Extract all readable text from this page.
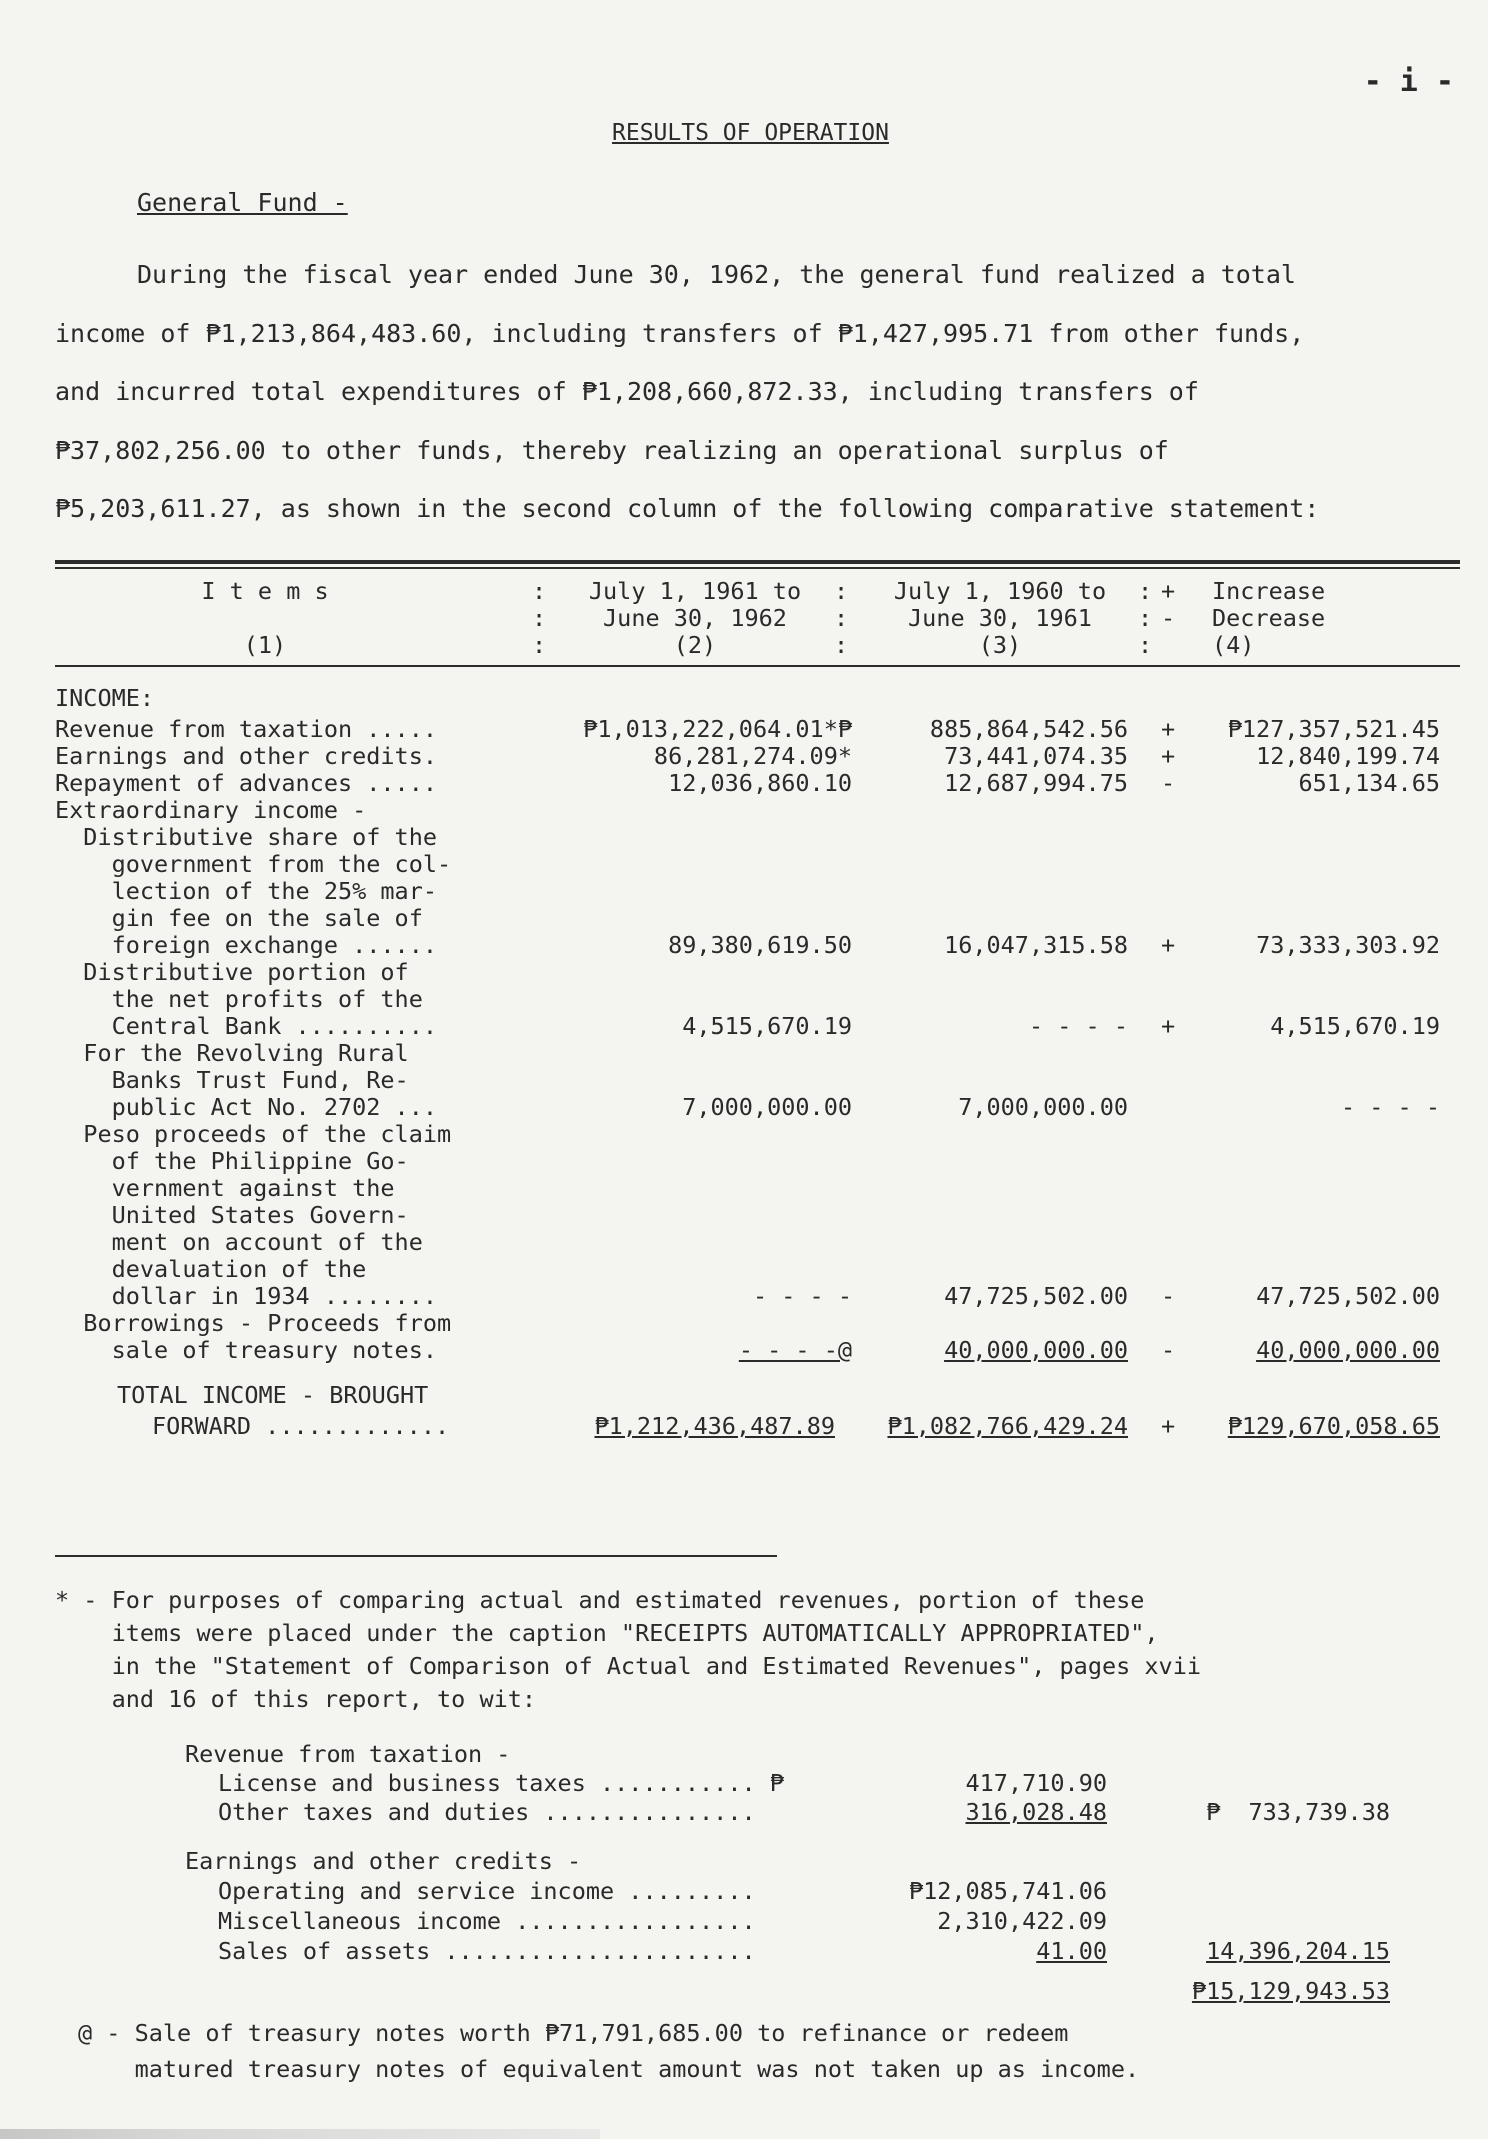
- i -
RESULTS OF OPERATION
General Fund -
During the fiscal year ended June 30, 1962, the general fund realized a total
income of ₱1,213,864,483.60, including transfers of ₱1,427,995.71 from other funds,
and incurred total expenditures of ₱1,208,660,872.33, including transfers of
₱37,802,256.00 to other funds, thereby realizing an operational surplus of
₱5,203,611.27, as shown in the second column of the following comparative statement:
I t e m s	:	July 1, 1961 to	:	July 1, 1960 to	: + Increase
:	June 30, 1962	:	June 30, 1961	: - Decrease
(1)	:	(2)	:	(3)	:	(4)
INCOME:
Revenue from taxation .....	₱1,013,222,064.01*₱	885,864,542.56 + ₱127,357,521.45
Earnings and other credits.	86,281,274.09*	73,441,074.35 +	12,840,199.74
Repayment of advances .....	12,036,860.10	12,687,994.75 -	651,134.65
Extraordinary income -
Distributive share of the
government from the col-
lection of the 25% mar-
gin fee on the sale of
foreign exchange ......	89,380,619.50	16,047,315.58 +	73,333,303.92
Distributive portion of
the net profits of the
Central Bank ..........	4,515,670.19	- - - - +	4,515,670.19
For the Revolving Rural
Banks Trust Fund, Re-
public Act No. 2702 ...	7,000,000.00	7,000,000.00	- - - -
Peso proceeds of the claim
of the Philippine Go-
vernment against the
United States Govern-
ment on account of the
devaluation of the
dollar in 1934 ........	- - - -	47,725,502.00 -	47,725,502.00
Borrowings - Proceeds from
sale of treasury notes.	- - - -@	40,000,000.00 -	40,000,000.00
TOTAL INCOME - BROUGHT
FORWARD .............	₱1,212,436,487.89 ₱1,082,766,429.24 + ₱129,670,058.65
* - For purposes of comparing actual and estimated revenues, portion of these
items were placed under the caption "RECEIPTS AUTOMATICALLY APPROPRIATED",
in the "Statement of Comparison of Actual and Estimated Revenues", pages xvii
and 16 of this report, to wit:
Revenue from taxation -
License and business taxes ........... ₱	417,710.90
Other taxes and duties ...............	316,028.48	₱  733,739.38
Earnings and other credits -
Operating and service income .........	₱12,085,741.06
Miscellaneous income .................	2,310,422.09
Sales of assets ......................	41.00	14,396,204.15
₱15,129,943.53
@ - Sale of treasury notes worth ₱71,791,685.00 to refinance or redeem
matured treasury notes of equivalent amount was not taken up as income.
